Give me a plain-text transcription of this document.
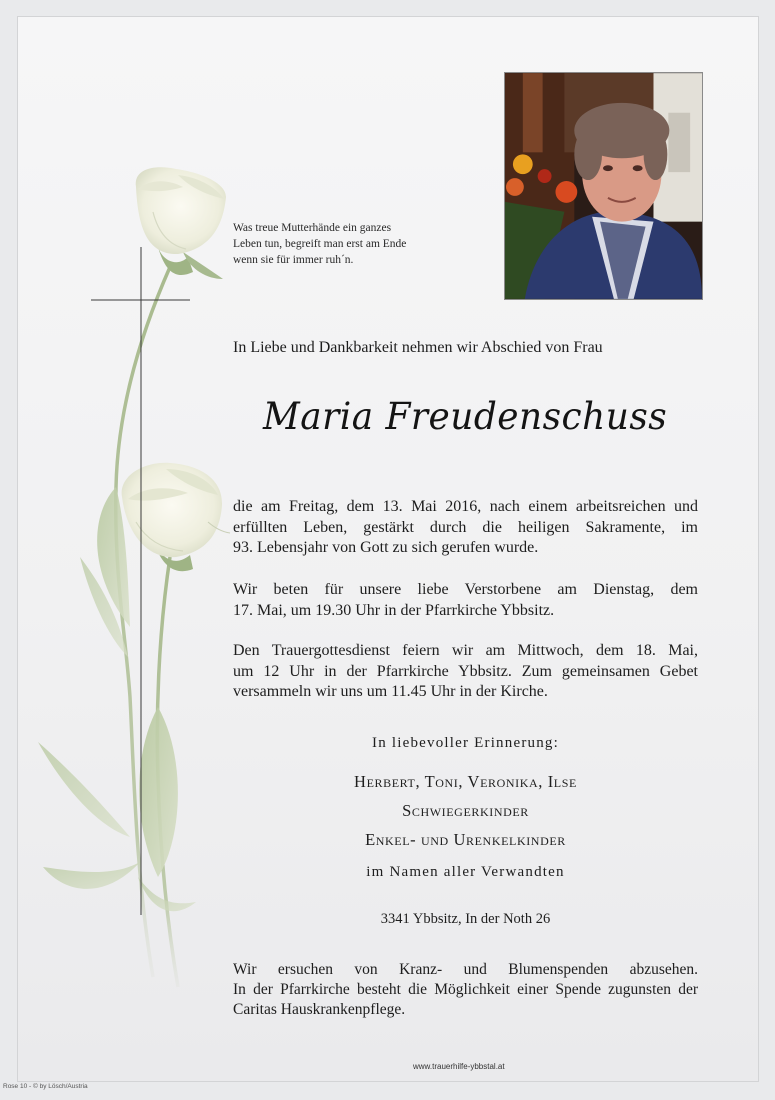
Was treue Mutterhände ein ganzes
Leben tun, begreift man erst am Ende
wenn sie für immer ruh´n.
In Liebe und Dankbarkeit nehmen wir Abschied von Frau
Maria Freudenschuss
die am Freitag, dem 13. Mai 2016, nach einem arbeitsreichen und
erfüllten Leben, gestärkt durch die heiligen Sakramente, im
93. Lebensjahr von Gott zu sich gerufen wurde.
Wir beten für unsere liebe Verstorbene am Dienstag, dem
17. Mai, um 19.30 Uhr in der Pfarrkirche Ybbsitz.
Den Trauergottesdienst feiern wir am Mittwoch, dem 18. Mai,
um 12 Uhr in der Pfarrkirche Ybbsitz. Zum gemeinsamen Gebet
versammeln wir uns um 11.45 Uhr in der Kirche.
In liebevoller Erinnerung:
Herbert, Toni, Veronika, Ilse
Schwiegerkinder
Enkel- und Urenkelkinder
im Namen aller Verwandten
3341 Ybbsitz, In der Noth 26
Wir ersuchen von Kranz- und Blumenspenden abzusehen.
In der Pfarrkirche besteht die Möglichkeit einer Spende zugunsten der
Caritas Hauskrankenpflege.
www.trauerhilfe-ybbstal.at
Rose 10 - © by Lösch/Austria
